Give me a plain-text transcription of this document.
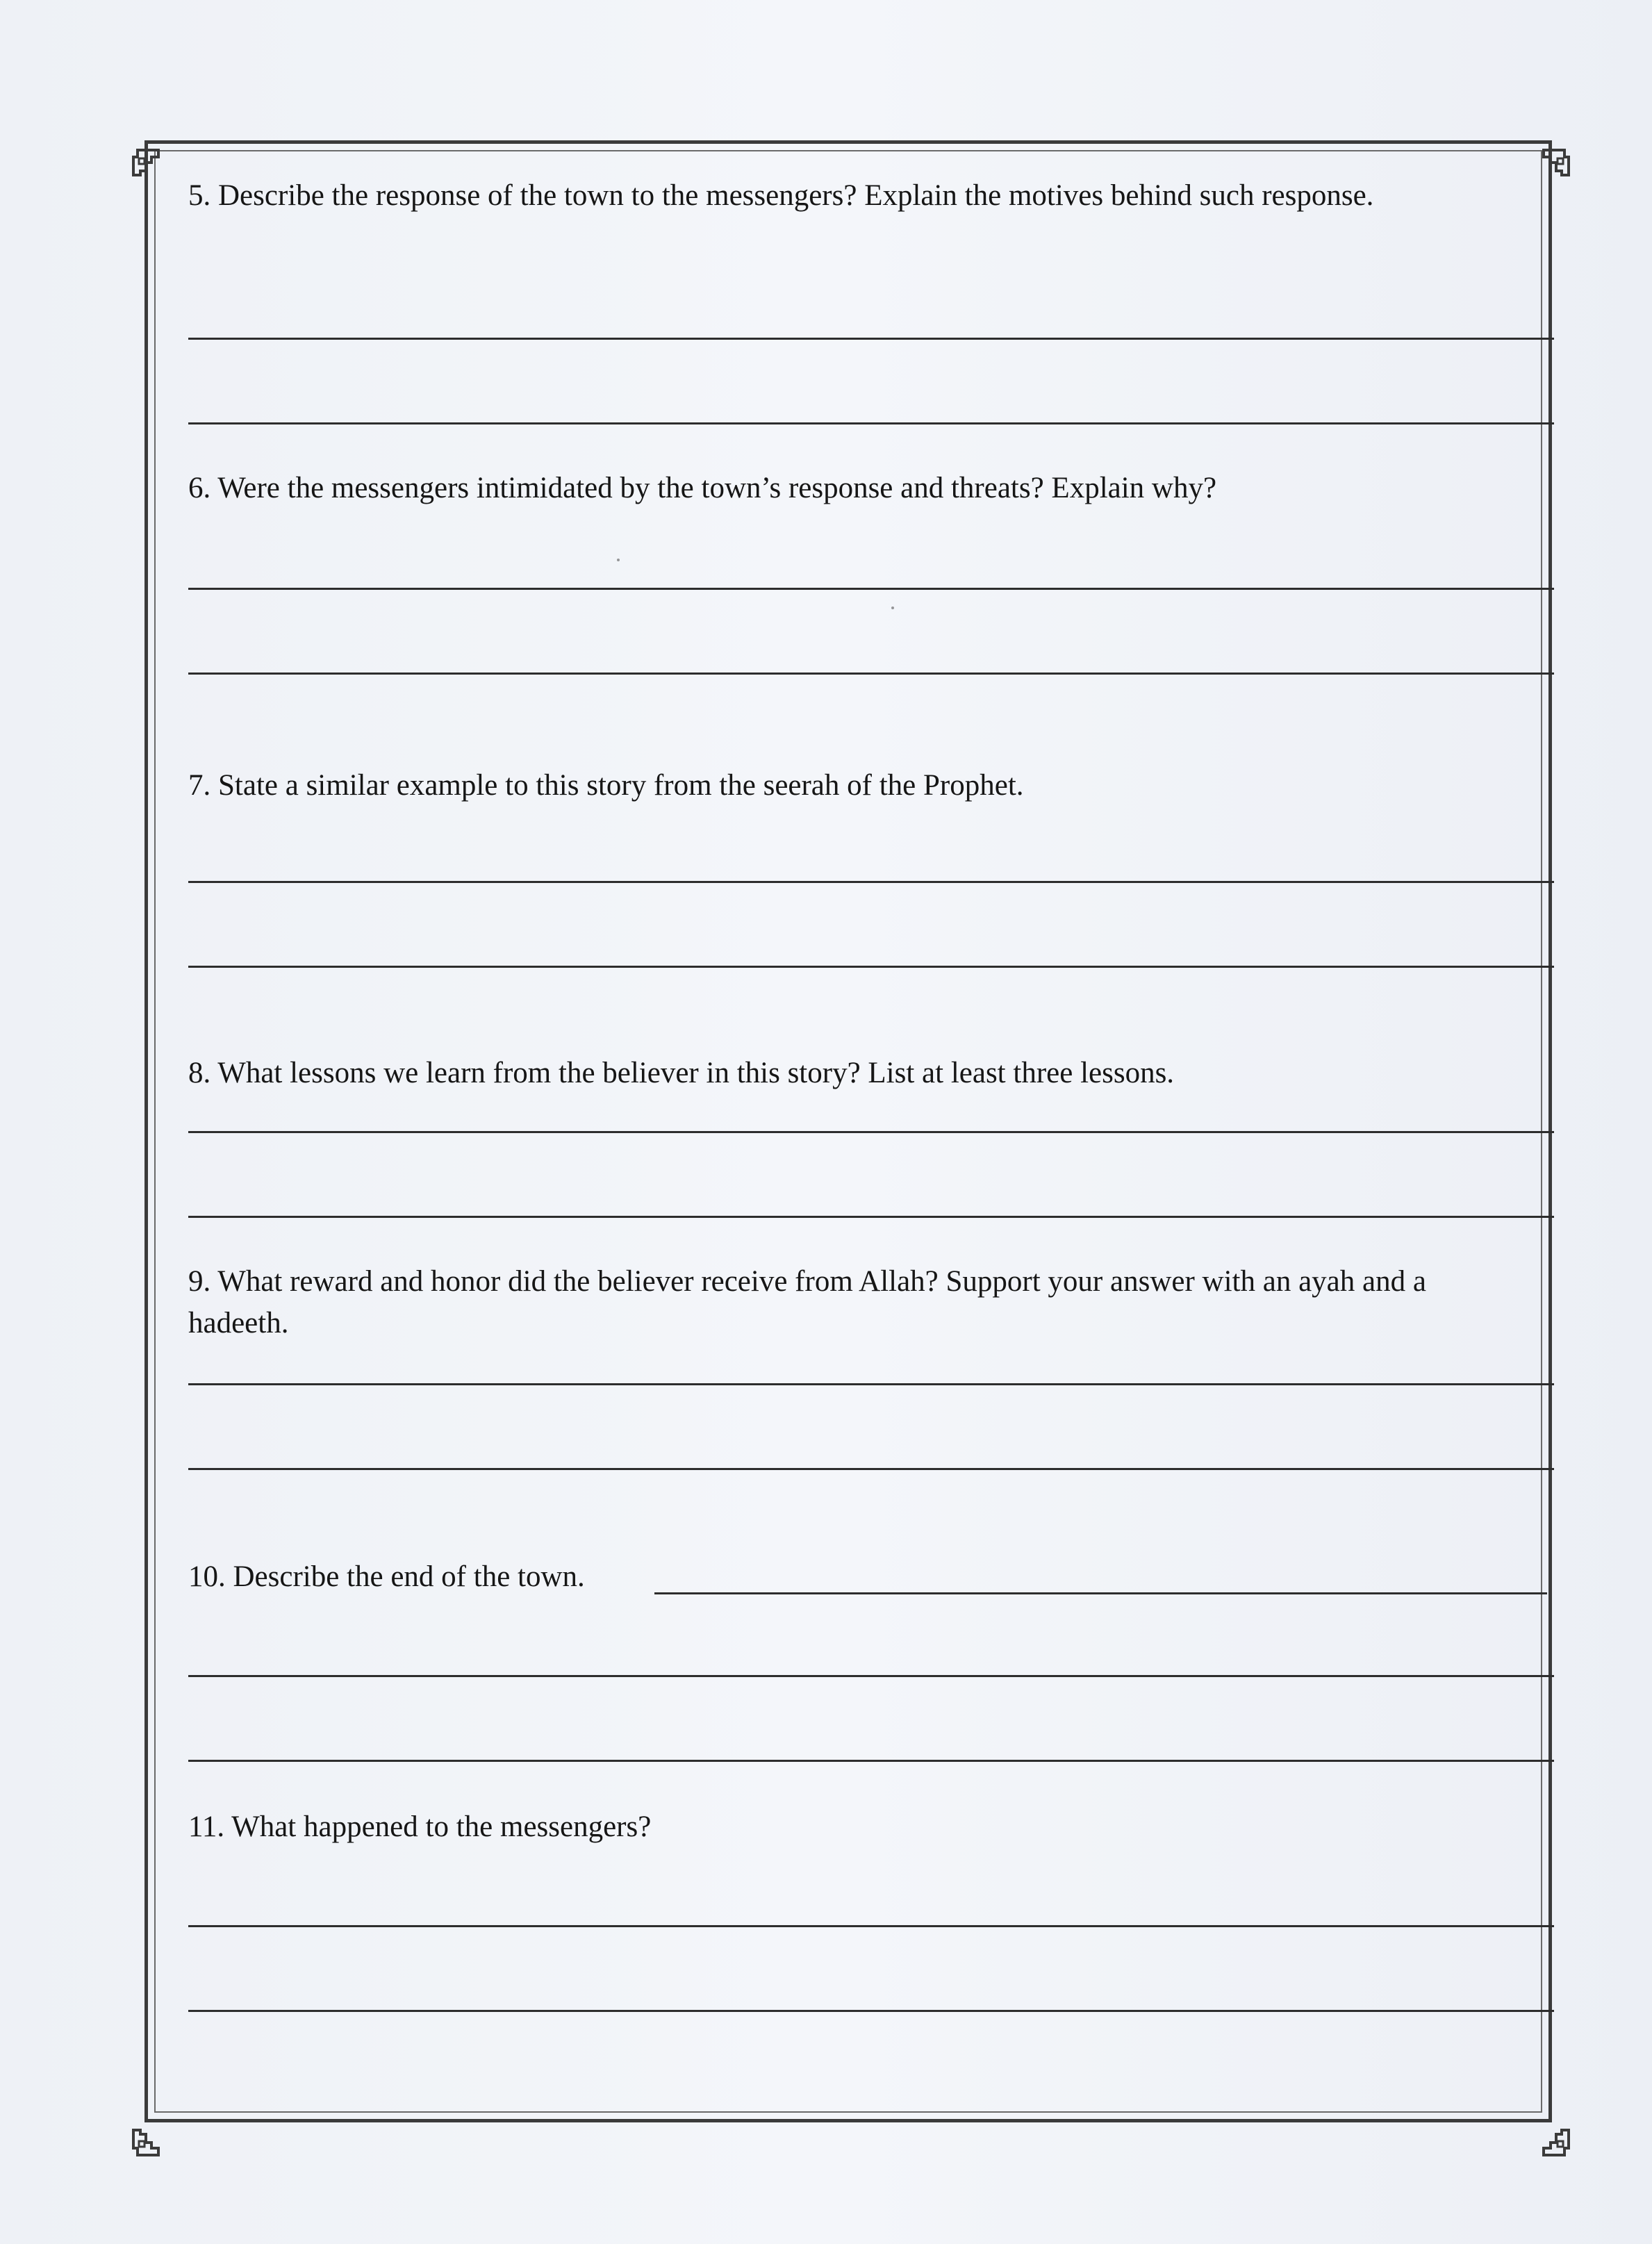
5. Describe the response of the town to the messengers? Explain the motives behind such response.
6. Were the messengers intimidated by the town’s response and threats? Explain why?
7. State a similar example to this story from the seerah of the Prophet.
8. What lessons we learn from the believer in this story? List at least three lessons.
9. What reward and honor did the believer receive from Allah? Support your answer with an ayah and a hadeeth.
10. Describe the end of the town.
11. What happened to the messengers?
